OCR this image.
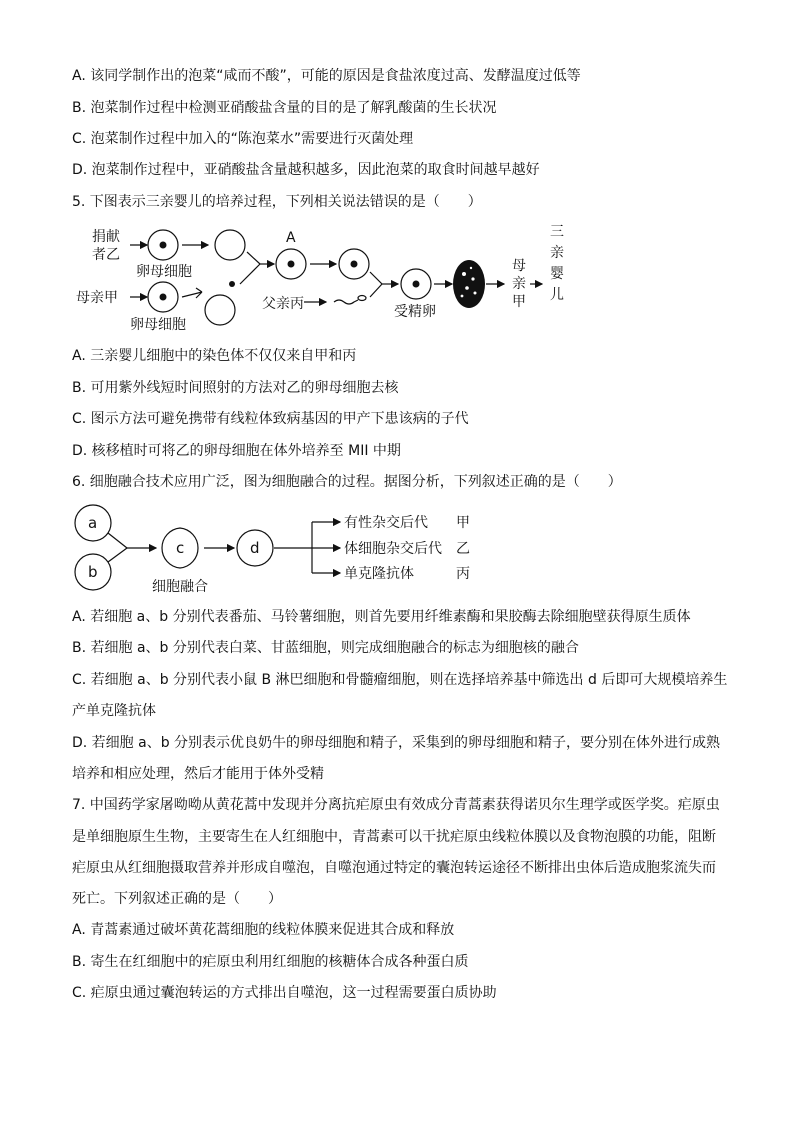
A. 该同学制作出的泡菜“咸而不酸”，可能的原因是食盐浓度过高、发酵温度过低等
B. 泡菜制作过程中检测亚硝酸盐含量的目的是了解乳酸菌的生长状况
C. 泡菜制作过程中加入的“陈泡菜水”需要进行灭菌处理
D. 泡菜制作过程中，亚硝酸盐含量越积越多，因此泡菜的取食时间越早越好
5. 下图表示三亲婴儿的培养过程，下列相关说法错误的是（　　）
捐献
者乙
卵母细胞
母亲甲
卵母细胞
A
父亲丙	受精卵
母
亲
甲
三
亲
婴
儿
A. 三亲婴儿细胞中的染色体不仅仅来自甲和丙
B. 可用紫外线短时间照射的方法对乙的卵母细胞去核
C. 图示方法可避免携带有线粒体致病基因的甲产下患该病的子代
D. 核移植时可将乙的卵母细胞在体外培养至 MII 中期
6. 细胞融合技术应用广泛，图为细胞融合的过程。据图分析，下列叙述正确的是（　　）
a
b
c	d
细胞融合
有性杂交后代 甲
体细胞杂交后代 乙
单克隆抗体	丙
A. 若细胞 a、b 分别代表番茄、马铃薯细胞，则首先要用纤维素酶和果胶酶去除细胞壁获得原生质体
B. 若细胞 a、b 分别代表白菜、甘蓝细胞，则完成细胞融合的标志为细胞核的融合
C. 若细胞 a、b 分别代表小鼠 B 淋巴细胞和骨髓瘤细胞，则在选择培养基中筛选出 d 后即可大规模培养生
产单克隆抗体
D. 若细胞 a、b 分别表示优良奶牛的卵母细胞和精子，采集到的卵母细胞和精子，要分别在体外进行成熟
培养和相应处理，然后才能用于体外受精
7. 中国药学家屠呦呦从黄花蒿中发现并分离抗疟原虫有效成分青蒿素获得诺贝尔生理学或医学奖。疟原虫
是单细胞原生生物，主要寄生在人红细胞中，青蒿素可以干扰疟原虫线粒体膜以及食物泡膜的功能，阻断
疟原虫从红细胞摄取营养并形成自噬泡，自噬泡通过特定的囊泡转运途径不断排出虫体后造成胞浆流失而
死亡。下列叙述正确的是（　　）
A. 青蒿素通过破坏黄花蒿细胞的线粒体膜来促进其合成和释放
B. 寄生在红细胞中的疟原虫利用红细胞的核糖体合成各种蛋白质
C. 疟原虫通过囊泡转运的方式排出自噬泡，这一过程需要蛋白质协助
